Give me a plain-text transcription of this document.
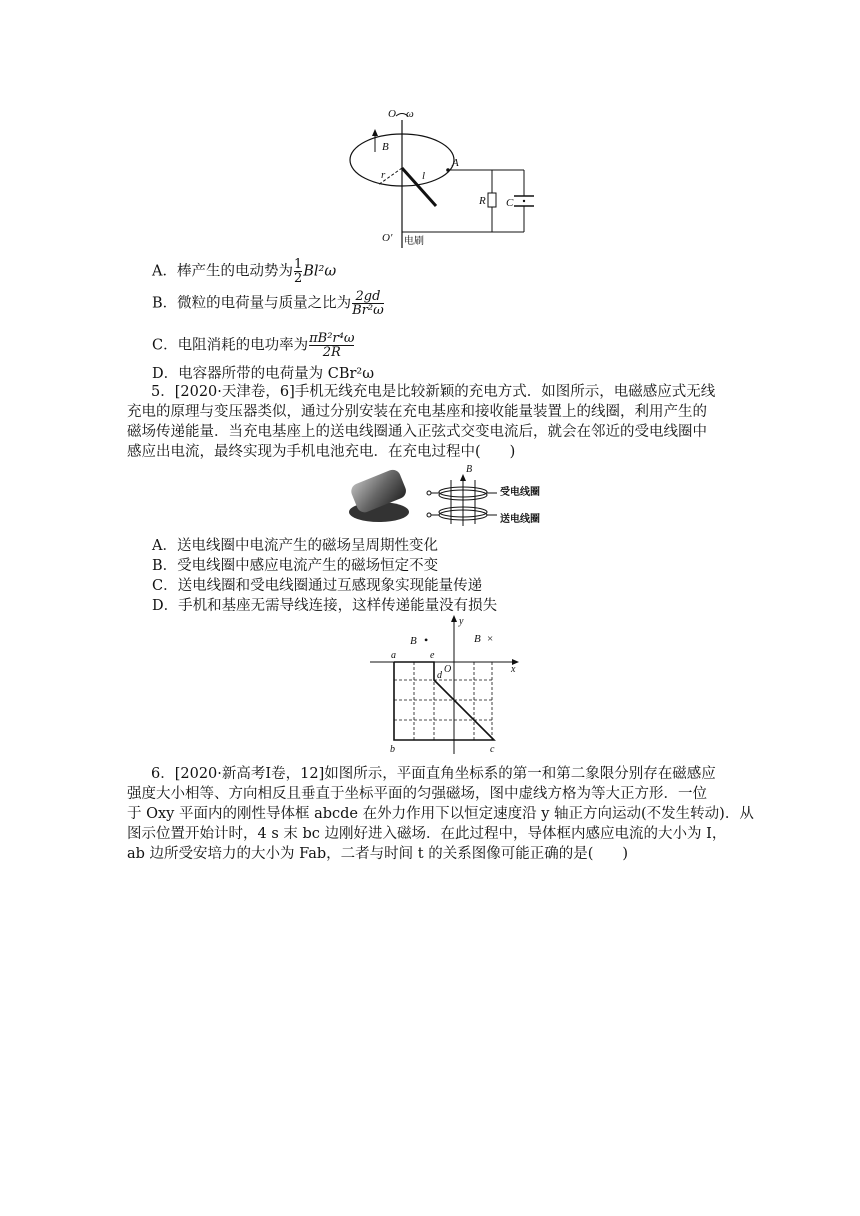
O ω
B
r	l
A
R C
O′ 电刷
A．棒产生的电动势为 $\frac{1}{2} Bl^2\omega$
B．微粒的电荷量与质量之比为 $\frac{2gd}{\text{Br²ω}}$
C．电阻消耗的电功率为 $\frac{\text{πB²r⁴ω}}{2R}$
D．电容器所带的电荷量为 CBr²ω
5．[2020·天津卷，6]手机无线充电是比较新颖的充电方式．如图所示，电磁感应式无线
充电的原理与变压器类似，通过分别安装在充电基座和接收能量装置上的线圈，利用产生的
磁场传递能量．当充电基座上的送电线圈通入正弦式交变电流后，就会在邻近的受电线圈中
感应出电流，最终实现为手机电池充电．在充电过程中(　　)
B
受电线圈
送电线圈
A．送电线圈中电流产生的磁场呈周期性变化
B．受电线圈中感应电流产生的磁场恒定不变
C．送电线圈和受电线圈通过互感现象实现能量传递
D．手机和基座无需导线连接，这样传递能量没有损失
y
x
B •	B ×
a	e
O
d
b	c
6．[2020·新高考Ⅰ卷，12]如图所示，平面直角坐标系的第一和第二象限分别存在磁感应
强度大小相等、方向相反且垂直于坐标平面的匀强磁场，图中虚线方格为等大正方形．一位
于 Oxy 平面内的刚性导体框 abcde 在外力作用下以恒定速度沿 y 轴正方向运动(不发生转动)．从
图示位置开始计时，4 s 末 bc 边刚好进入磁场．在此过程中，导体框内感应电流的大小为 I，
ab 边所受安培力的大小为 Fab，二者与时间 t 的关系图像可能正确的是(　　)
